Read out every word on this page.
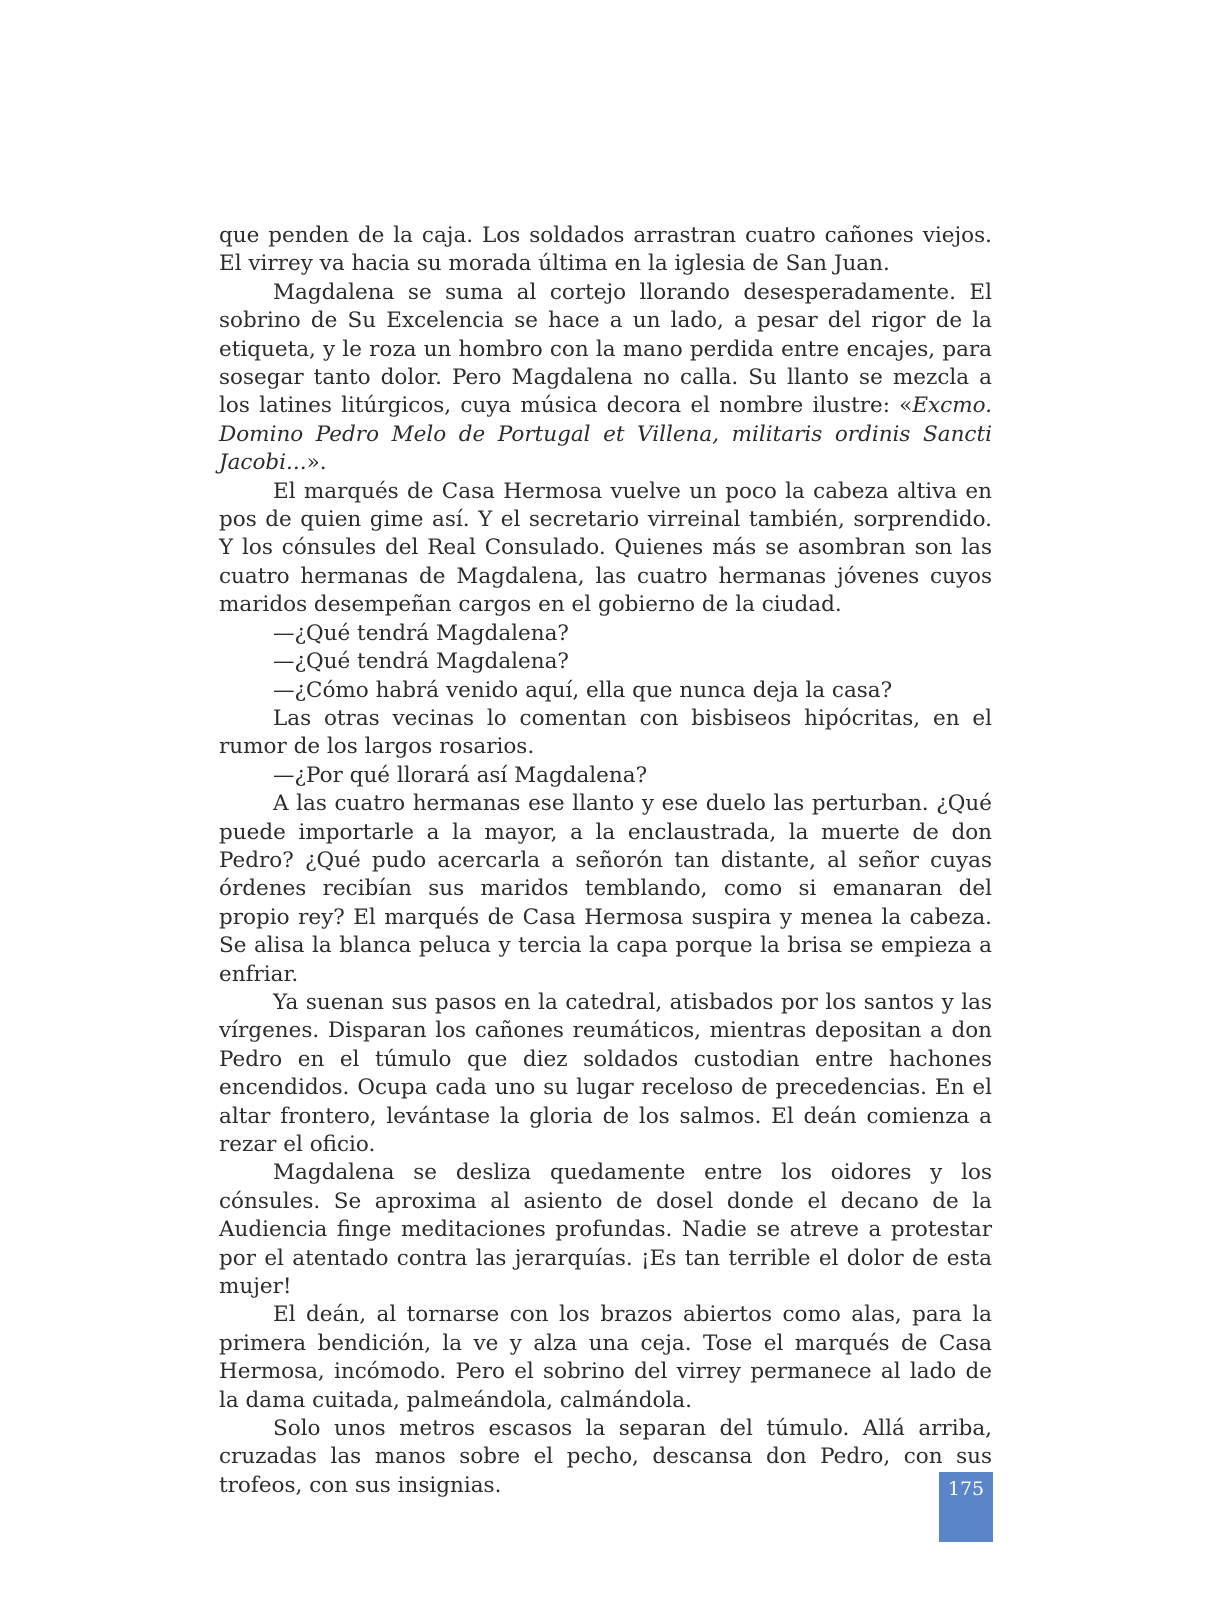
que penden de la caja. Los soldados arrastran cuatro cañones viejos. El virrey va hacia su morada última en la iglesia de San Juan.

Magdalena se suma al cortejo llorando desesperadamente. El sobrino de Su Excelencia se hace a un lado, a pesar del rigor de la etiqueta, y le roza un hombro con la mano perdida entre encajes, para sosegar tanto dolor. Pero Magdalena no calla. Su llanto se mezcla a los latines litúrgicos, cuya música decora el nombre ilustre: «Excmo. Domino Pedro Melo de Portugal et Villena, militaris ordinis Sancti Jacobi...».

El marqués de Casa Hermosa vuelve un poco la cabeza altiva en pos de quien gime así. Y el secretario virreinal también, sorprendido. Y los cónsules del Real Consulado. Quienes más se asombran son las cuatro hermanas de Magdalena, las cuatro hermanas jóvenes cuyos maridos desempeñan cargos en el gobierno de la ciudad.

—¿Qué tendrá Magdalena?

—¿Qué tendrá Magdalena?

—¿Cómo habrá venido aquí, ella que nunca deja la casa?

Las otras vecinas lo comentan con bisbiseos hipócritas, en el rumor de los largos rosarios.

—¿Por qué llorará así Magdalena?

A las cuatro hermanas ese llanto y ese duelo las perturban. ¿Qué puede importarle a la mayor, a la enclaustrada, la muerte de don Pedro? ¿Qué pudo acercarla a señorón tan distante, al señor cuyas órdenes recibían sus maridos temblando, como si emanaran del propio rey? El marqués de Casa Hermosa suspira y menea la cabeza. Se alisa la blanca peluca y tercia la capa porque la brisa se empieza a enfriar.

Ya suenan sus pasos en la catedral, atisbados por los santos y las vírgenes. Disparan los cañones reumáticos, mientras depositan a don Pedro en el túmulo que diez soldados custodian entre hachones encendidos. Ocupa cada uno su lugar receloso de precedencias. En el altar frontero, levántase la gloria de los salmos. El deán comienza a rezar el oficio.

Magdalena se desliza quedamente entre los oidores y los cónsules. Se aproxima al asiento de dosel donde el decano de la Audiencia finge meditaciones profundas. Nadie se atreve a protestar por el atentado contra las jerarquías. ¡Es tan terrible el dolor de esta mujer!

El deán, al tornarse con los brazos abiertos como alas, para la primera bendición, la ve y alza una ceja. Tose el marqués de Casa Hermosa, incómodo. Pero el sobrino del virrey permanece al lado de la dama cuitada, palmeándola, calmándola.

Solo unos metros escasos la separan del túmulo. Allá arriba, cruzadas las manos sobre el pecho, descansa don Pedro, con sus trofeos, con sus insignias.	175
